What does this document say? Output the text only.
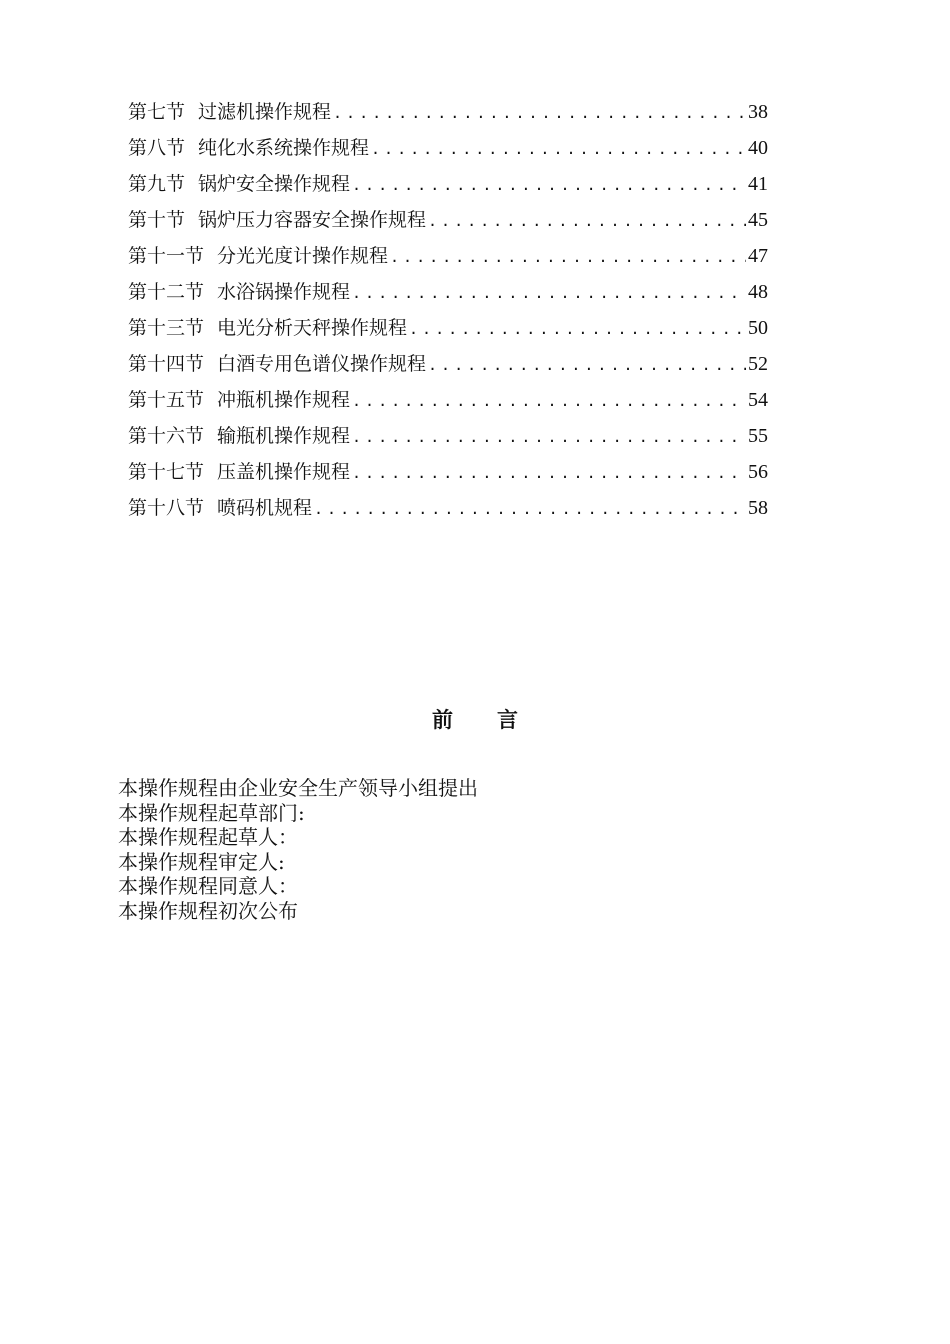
第七节 过滤机操作规程 .....	38
第八节 纯化水系统操作规程 .....	40
第九节 锅炉安全操作规程 .....	41
第十节 锅炉压力容器安全操作规程 .....	45
第十一节 分光光度计操作规程 .....	47
第十二节 水浴锅操作规程 .....	48
第十三节 电光分析天秤操作规程 .....	50
第十四节 白酒专用色谱仪操作规程 .....	52
第十五节 冲瓶机操作规程 .....	54
第十六节 输瓶机操作规程 .....	55
第十七节 压盖机操作规程 .....	56
第十八节 喷码机规程 .....	58
前言
本操作规程由企业安全生产领导小组提出
本操作规程起草部门:
本操作规程起草人：
本操作规程审定人:
本操作规程同意人：
本操作规程初次公布
